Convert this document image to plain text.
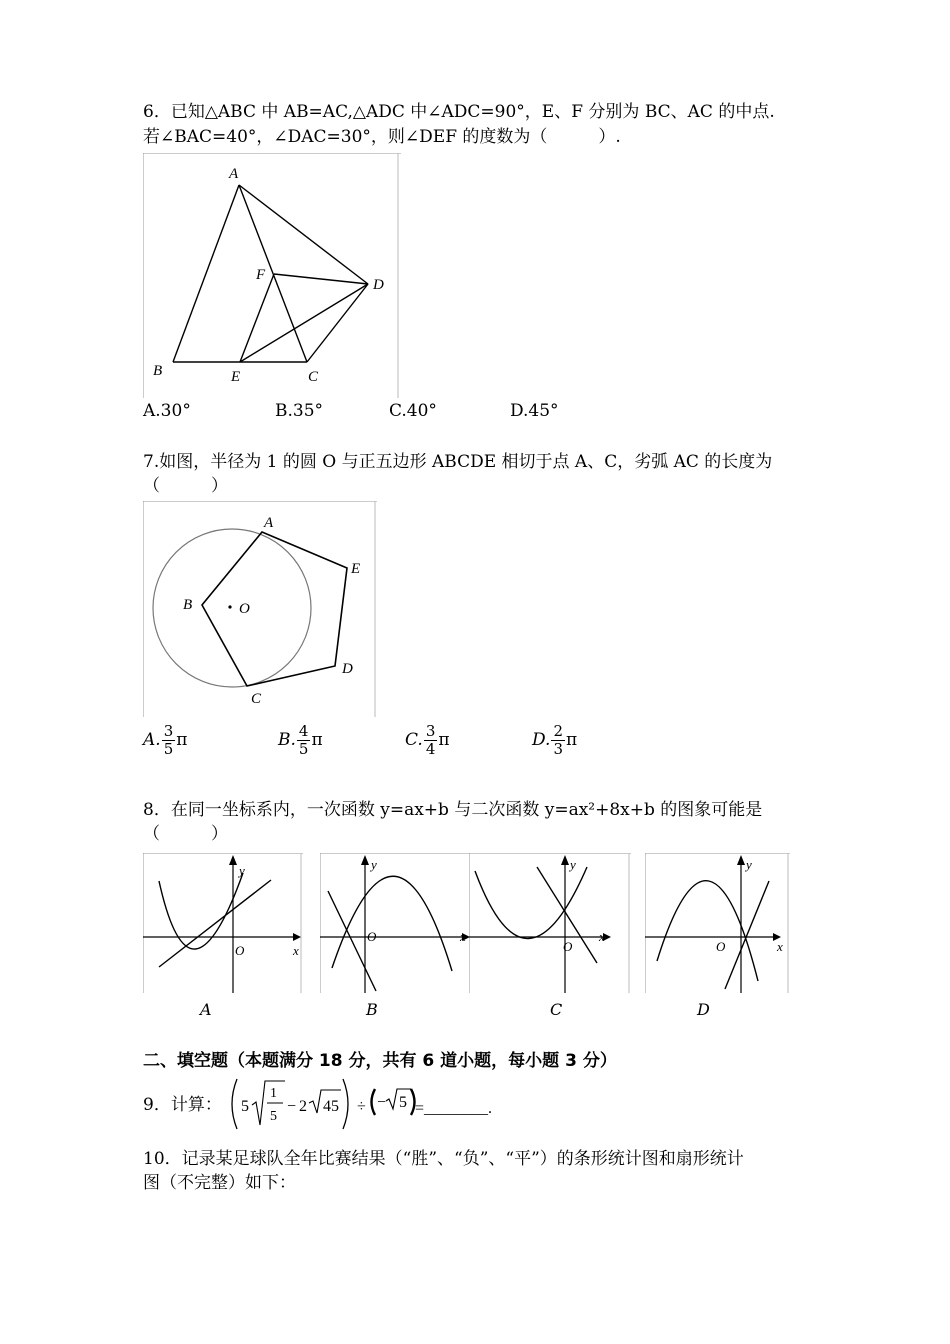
6．已知△ABC 中 AB=AC,△ADC 中∠ADC=90°，E、F 分别为 BC、AC 的中点.
若∠BAC=40°，∠DAC=30°，则∠DEF 的度数为（　　　）.
A
B	C
D
E
F
A.30°	B.35°	C.40°	D.45°
7.如图，半径为 1 的圆 O 与正五边形 ABCDE 相切于点 A、C，劣弧 AC 的长度为
（　　　）
A
B
C
D
E
O
A. $\frac{3}{5}$ π	B. $\frac{4}{5}$ π	C. $\frac{3}{4}$ π	D. $\frac{2}{3}$ π
8．在同一坐标系内，一次函数 y=ax+b 与二次函数 y=ax²+8x+b 的图象可能是
（　　　）
y
x
O
y
x
O
y
x
O
y
x
O
A	B	C	D
二、填空题（本题满分 18 分，共有 6 道小题，每小题 3 分）
9．计算： 5
1
5
− 2 45 ÷ − 5 =________.
10．记录某足球队全年比赛结果（“胜”、“负”、“平”）的条形统计图和扇形统计
图（不完整）如下：
